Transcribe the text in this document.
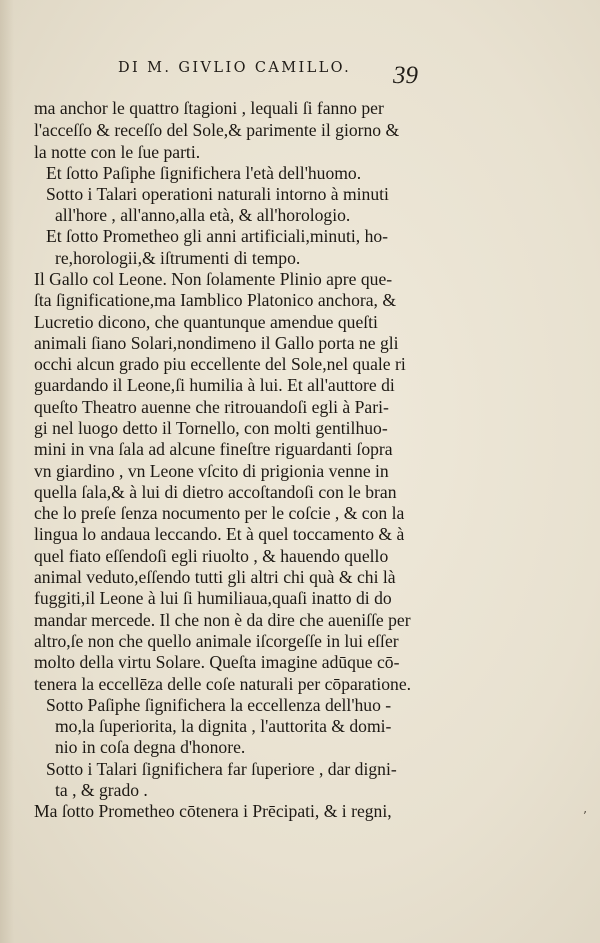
DI M. GIVLIO CAMILLO.	39
ma anchor le quattro ſtagioni , lequali ſi fanno per
l'acceſſo & receſſo del Sole,& parimente il giorno &
la notte con le ſue parti.
Et ſotto Paſiphe ſignifichera l'età dell'huomo.
Sotto i Talari operationi naturali intorno à minuti
all'hore , all'anno,alla età, & all'horologio.
Et ſotto Prometheo gli anni artificiali,minuti, ho-
re,horologii,& iſtrumenti di tempo.
Il Gallo col Leone. Non ſolamente Plinio apre que-
ſta ſignificatione,ma Iamblico Platonico anchora, &
Lucretio dicono, che quantunque amendue queſti
animali ſiano Solari,nondimeno il Gallo porta ne gli
occhi alcun grado piu eccellente del Sole,nel quale ri
guardando il Leone,ſi humilia à lui. Et all'auttore di
queſto Theatro auenne che ritrouandoſi egli à Pari-
gi nel luogo detto il Tornello, con molti gentilhuo-
mini in vna ſala ad alcune fineſtre riguardanti ſopra
vn giardino , vn Leone vſcito di prigionia venne in
quella ſala,& à lui di dietro accoſtandoſi con le bran
che lo preſe ſenza nocumento per le coſcie , & con la
lingua lo andaua leccando. Et à quel toccamento & à
quel fiato eſſendoſi egli riuolto , & hauendo quello
animal veduto,eſſendo tutti gli altri chi quà & chi là
fuggiti,il Leone à lui ſi humiliaua,quaſi inatto di do
mandar mercede. Il che non è da dire che aueniſſe per
altro,ſe non che quello animale iſcorgeſſe in lui eſſer
molto della virtu Solare. Queſta imagine adūque cō-
tenera la eccellēza delle coſe naturali per cōparatione.
Sotto Paſiphe ſignifichera la eccellenza dell'huo -
mo,la ſuperiorita, la dignita , l'auttorita & domi-
nio in coſa degna d'honore.
Sotto i Talari ſignifichera far ſuperiore , dar digni-
ta , & grado .
Ma ſotto Prometheo cōtenera i Prēcipati, & i regni,	’
